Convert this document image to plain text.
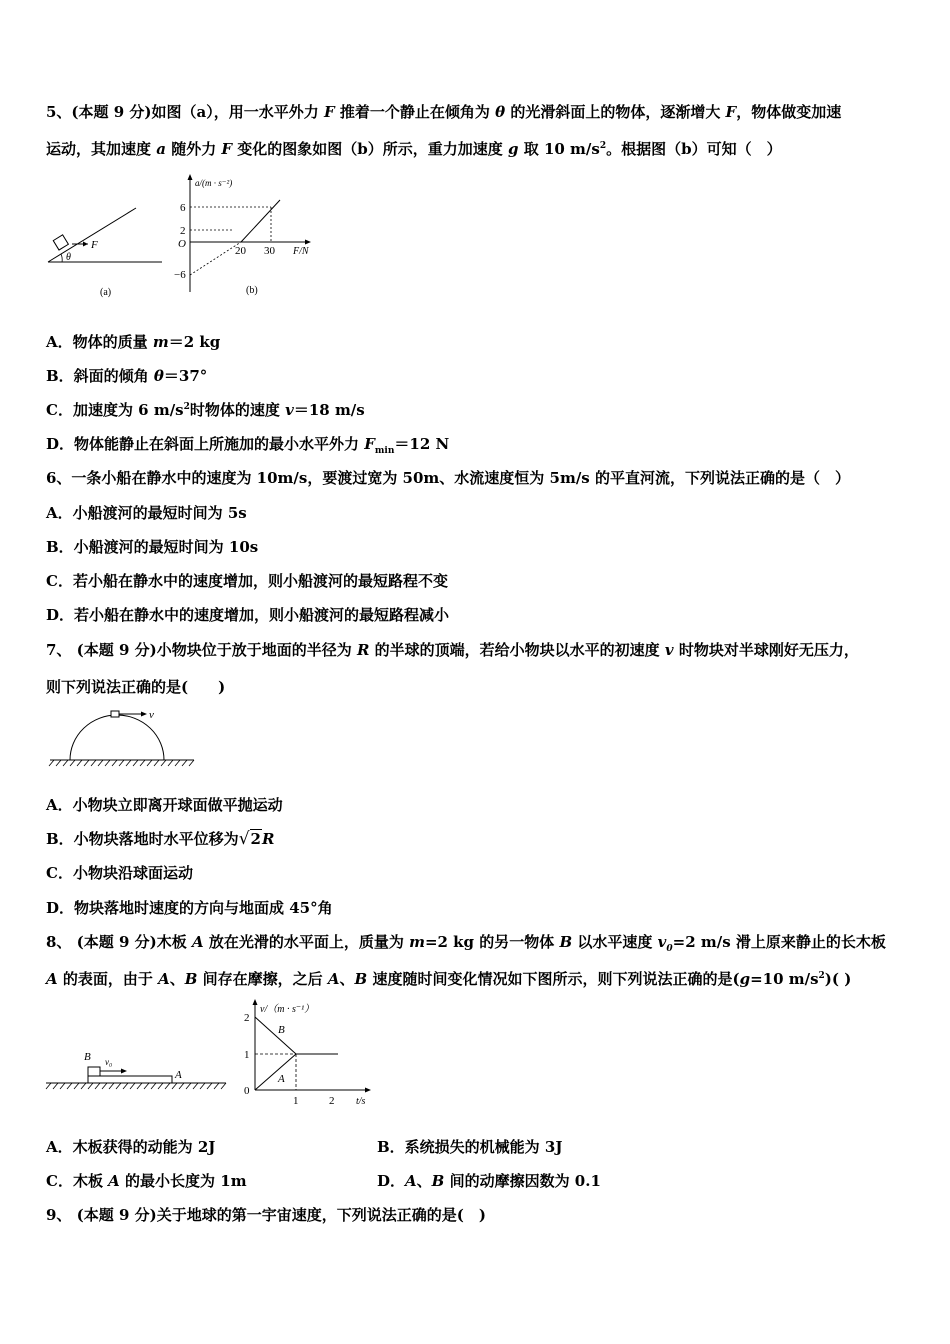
5、(本题 9 分)如图（a），用一水平外力 F 推着一个静止在倾角为 θ 的光滑斜面上的物体，逐渐增大 F，物体做变加速
运动，其加速度 a 随外力 F 变化的图象如图（b）所示，重力加速度 g 取 10 $m/s^2$。根据图（b）可知（　）
F
θ
(a)
a/(m · s⁻²)
F/N
6
2
O
−6
20 30
(b)
A．物体的质量 m＝2 kg
B．斜面的倾角 θ＝37°
C．加速度为 6 $m/s^2$时物体的速度 v＝18 m/s
D．物体能静止在斜面上所施加的最小水平外力 $F_{min}=12$ N
6、一条小船在静水中的速度为 10m/s，要渡过宽为 50m、水流速度恒为 5m/s 的平直河流，下列说法正确的是（　）
A．小船渡河的最短时间为 5s
B．小船渡河的最短时间为 10s
C．若小船在静水中的速度增加，则小船渡河的最短路程不变
D．若小船在静水中的速度增加，则小船渡河的最短路程减小
7、 (本题 9 分)小物块位于放于地面的半径为 R 的半球的顶端，若给小物块以水平的初速度 v 时物块对半球刚好无压力，
则下列说法正确的是(　　)
v
A．小物块立即离开球面做平抛运动
B．小物块落地时水平位移为√2R
C．小物块沿球面运动
D．物块落地时速度的方向与地面成 45°角
8、 (本题 9 分)木板 A 放在光滑的水平面上，质量为 m=2 kg 的另一物体 B 以水平速度 $v_0=2$ m/s 滑上原来静止的长木板
A 的表面，由于 A、B 间存在摩擦，之后 A、B 速度随时间变化情况如下图所示，则下列说法正确的是(g=10 $m/s^2$)( )
B v₀
A
v/（m · s⁻¹）
t/s
2
1
0
1	2
B
A
A．木板获得的动能为 2J	B．系统损失的机械能为 3J
C．木板 A 的最小长度为 1m	D．A、B 间的动摩擦因数为 0.1
9、 (本题 9 分)关于地球的第一宇宙速度，下列说法正确的是(　)
